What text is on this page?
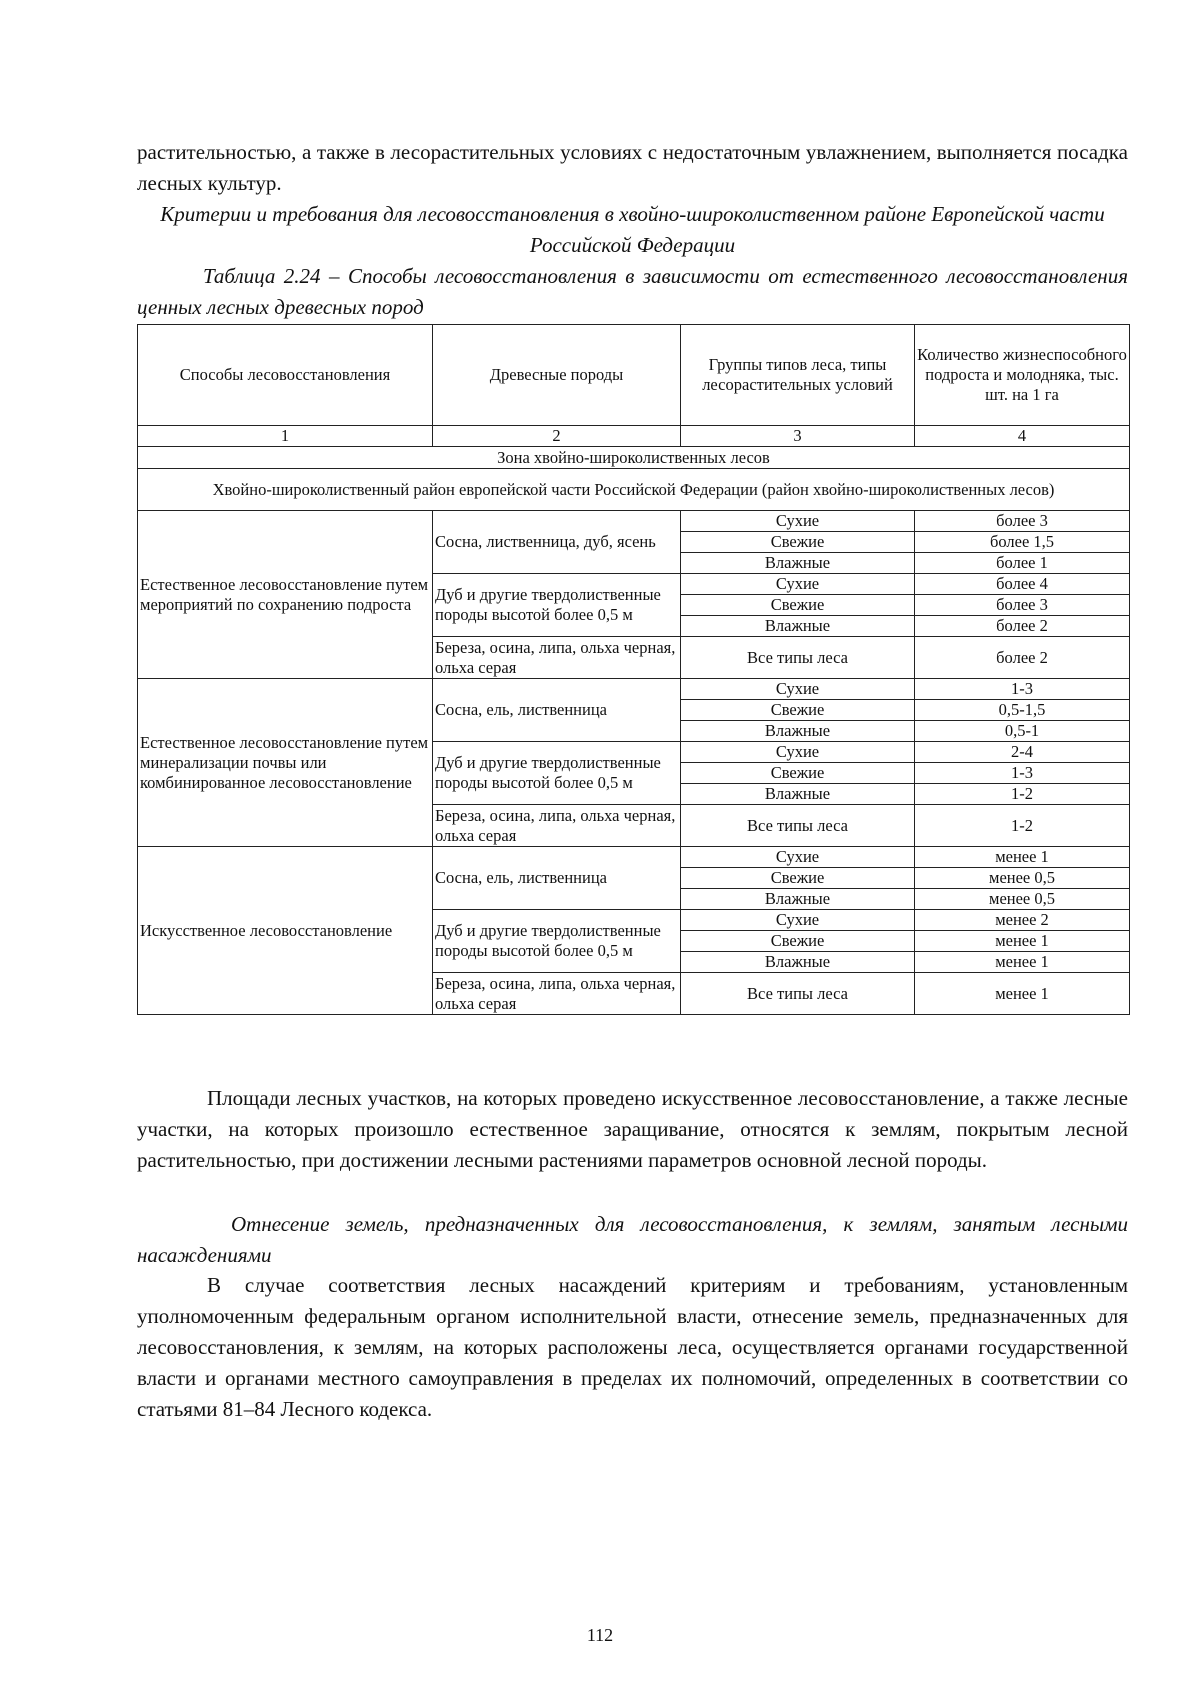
растительностью, а также в лесорастительных условиях с недостаточным увлажнением, выполняется посадка лесных культур.
Критерии и требования для лесовосстановления в хвойно-широколиственном районе Европейской части Российской Федерации
Таблица 2.24 – Способы лесовосстановления в зависимости от естественного лесовосстановления ценных лесных древесных пород
Способы лесовосстановления	Древесные породы	Группы типов леса, типы лесорастительных условий	Количество жизнеспособного подроста и молодняка, тыс. шт. на 1 га
1	2	3	4
Зона хвойно-широколиственных лесов			
Хвойно-широколиственный район европейской части Российской Федерации (район хвойно-широколиственных лесов)			
Естественное лесовосстановление путем мероприятий по сохранению подроста	Сосна, лиственница, дуб, ясень	Сухие	более 3
		Свежие	более 1,5
		Влажные	более 1
	Дуб и другие твердолиственные породы высотой более 0,5 м	Сухие	более 4
		Свежие	более 3
		Влажные	более 2
	Береза, осина, липа, ольха черная, ольха серая	Все типы леса	более 2
Естественное лесовосстановление путем минерализации почвы или комбинированное лесовосстановление	Сосна, ель, лиственница	Сухие	1-3
		Свежие	0,5-1,5
		Влажные	0,5-1
	Дуб и другие твердолиственные породы высотой более 0,5 м	Сухие	2-4
		Свежие	1-3
		Влажные	1-2
	Береза, осина, липа, ольха черная, ольха серая	Все типы леса	1-2
Искусственное лесовосстановление	Сосна, ель, лиственница	Сухие	менее 1
		Свежие	менее 0,5
		Влажные	менее 0,5
	Дуб и другие твердолиственные породы высотой более 0,5 м	Сухие	менее 2
		Свежие	менее 1
		Влажные	менее 1
	Береза, осина, липа, ольха черная, ольха серая	Все типы леса	менее 1
Площади лесных участков, на которых проведено искусственное лесовосстановление, а также лесные участки, на которых произошло естественное заращивание, относятся к землям, покрытым лесной растительностью, при достижении лесными растениями параметров основной лесной породы.
Отнесение земель, предназначенных для лесовосстановления, к землям, занятым лесными насаждениями
В случае соответствия лесных насаждений критериям и требованиям, установленным уполномоченным федеральным органом исполнительной власти, отнесение земель, предназначенных для лесовосстановления, к землям, на которых расположены леса, осуществляется органами государственной власти и органами местного самоуправления в пределах их полномочий, определенных в соответствии со статьями 81–84 Лесного кодекса.
112
